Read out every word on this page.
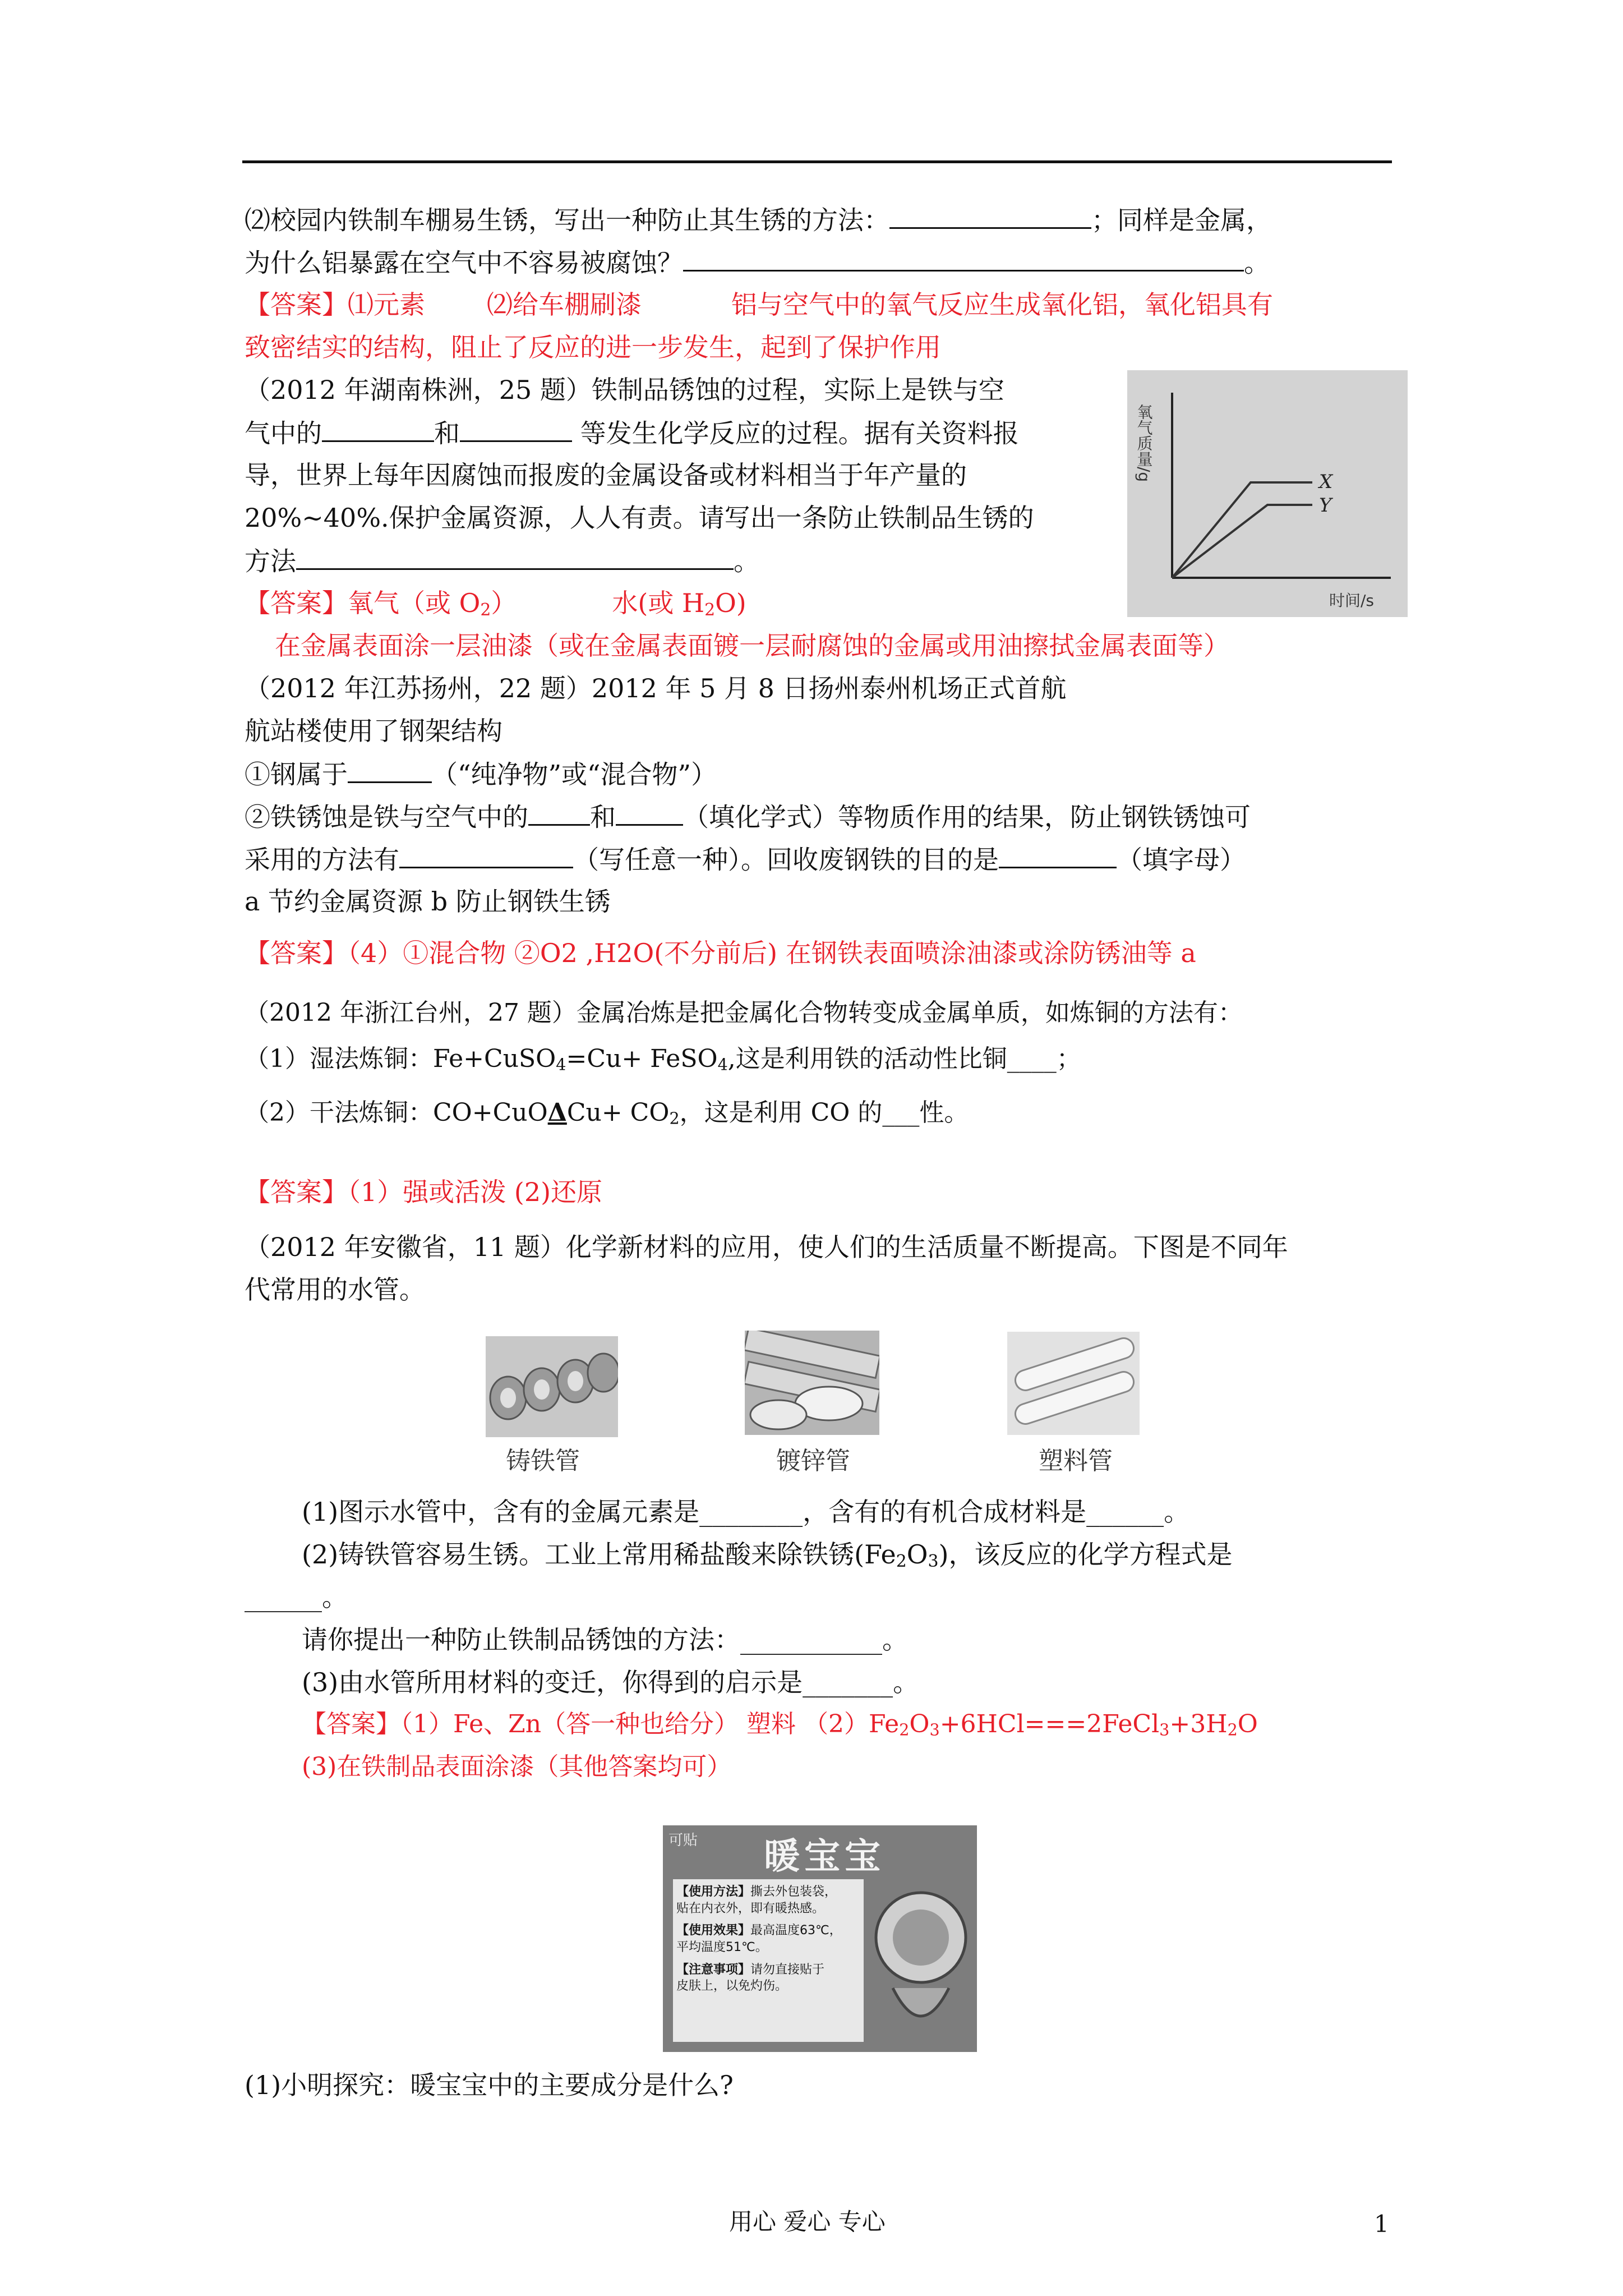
⑵校园内铁制车棚易生锈，写出一种防止其生锈的方法：	；同样是金属，
为什么铝暴露在空气中不容易被腐蚀？	。
【答案】⑴元素 ⑵给车棚刷漆	铝与空气中的氧气反应生成氧化铝，氧化铝具有
致密结实的结构，阻止了反应的进一步发生，起到了保护作用
（2012 年湖南株洲，25 题）铁制品锈蚀的过程，实际上是铁与空
气中的	和	等发生化学反应的过程。据有关资料报
导，世界上每年因腐蚀而报废的金属设备或材料相当于年产量的
20%~40%.保护金属资源，人人有责。请写出一条防止铁制品生锈的
方法	。
【答案】氧气（或 $O_2$）	水(或 $H_2O$)
在金属表面涂一层油漆（或在金属表面镀一层耐腐蚀的金属或用油擦拭金属表面等）
X
Y
氧气质量/g
时间/s
（2012 年江苏扬州，22 题）2012 年 5 月 8 日扬州泰州机场正式首航
航站楼使用了钢架结构
①钢属于	（“纯净物”或“混合物”）
②铁锈蚀是铁与空气中的 和	（填化学式）等物质作用的结果，防止钢铁锈蚀可
采用的方法有	（写任意一种）。回收废钢铁的目的是	（填字母）
a 节约金属资源 b 防止钢铁生锈
【答案】（4）①混合物 ②O2 ,H2O(不分前后) 在钢铁表面喷涂油漆或涂防锈油等 a
（2012 年浙江台州，27 题）金属冶炼是把金属化合物转变成金属单质，如炼铜的方法有：
（1）湿法炼铜：Fe+CuSO$_4$=Cu+ FeSO$_4$,这是利用铁的活动性比铜____；
（2）干法炼铜：$CO+CuO\Delta Cu+ CO_2$，这是利用 CO 的___性。
【答案】（1）强或活泼 (2)还原
（2012 年安徽省，11 题）化学新材料的应用，使人们的生活质量不断提高。下图是不同年
代常用的水管。
铸铁管	镀锌管	塑料管
(1)图示水管中，含有的金属元素是________，含有的有机合成材料是______。
(2)铸铁管容易生锈。工业上常用稀盐酸来除铁锈$(Fe_2O_3)$，该反应的化学方程式是
______。
请你提出一种防止铁制品锈蚀的方法：___________。
(3)由水管所用材料的变迁，你得到的启示是_______。
【答案】（1）Fe、Zn（答一种也给分） 塑料 $(2)Fe_2O_3+6HCl===2FeCl_3+3H_2O$
(3)在铁制品表面涂漆（其他答案均可）
可贴 暖宝宝
【使用方法】撕去外包装袋，
贴在内衣外，即有暖热感。
【使用效果】最高温度63℃，
平均温度51℃。
【注意事项】请勿直接贴于
皮肤上，以免灼伤。
(1)小明探究：暖宝宝中的主要成分是什么?
用心 爱心 专心	1
